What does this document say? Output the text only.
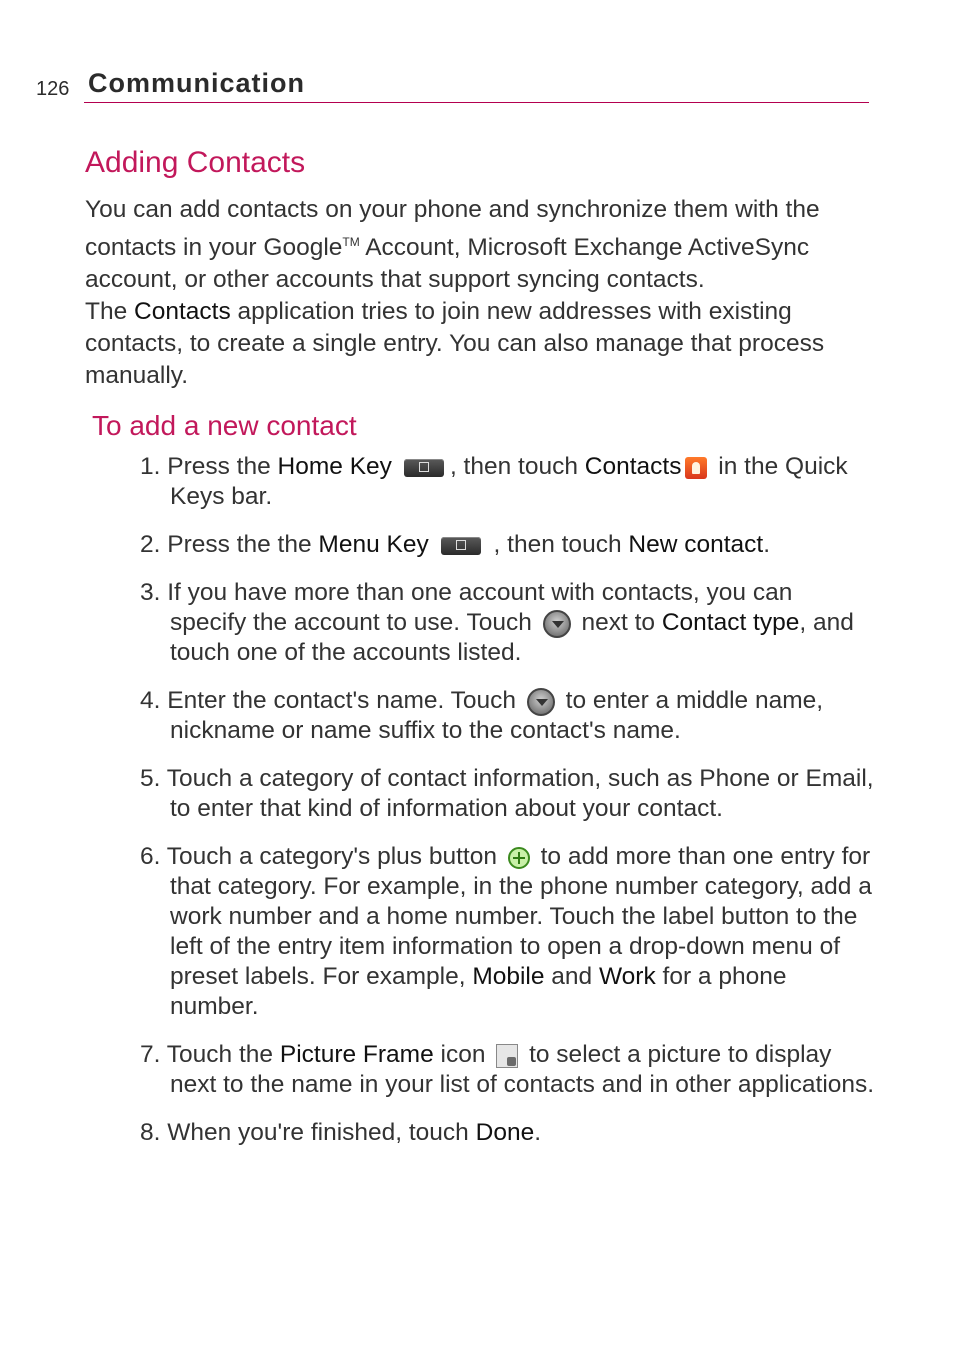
126 Communication
Adding Contacts

You can add contacts on your phone and synchronize them with the contacts in your Google™ Account, Microsoft Exchange ActiveSync account, or other accounts that support syncing contacts.
The Contacts application tries to join new addresses with existing contacts, to create a single entry. You can also manage that process manually.

To add a new contact
1. Press the Home Key , then touch Contacts in the Quick Keys bar.
2. Press the the Menu Key
, then touch New contact.
3. If you have more than one account with contacts, you can specify the account to use. Touch  next to Contact type, and touch one of the accounts listed.
4. Enter the contact's name. Touch  to enter a middle name, nickname or name suffix to the contact's name.
5. Touch a category of contact information, such as Phone or Email, to enter that kind of information about your contact.
6. Touch a category's plus button  to add more than one entry for that category. For example, in the phone number category, add a work number and a home number. Touch the label button to the left of the entry item information to open a drop-down menu of preset labels. For example, Mobile and Work for a phone number.
7. Touch the Picture Frame icon  to select a picture to display next to the name in your list of contacts and in other applications.
8. When you're finished, touch Done.
